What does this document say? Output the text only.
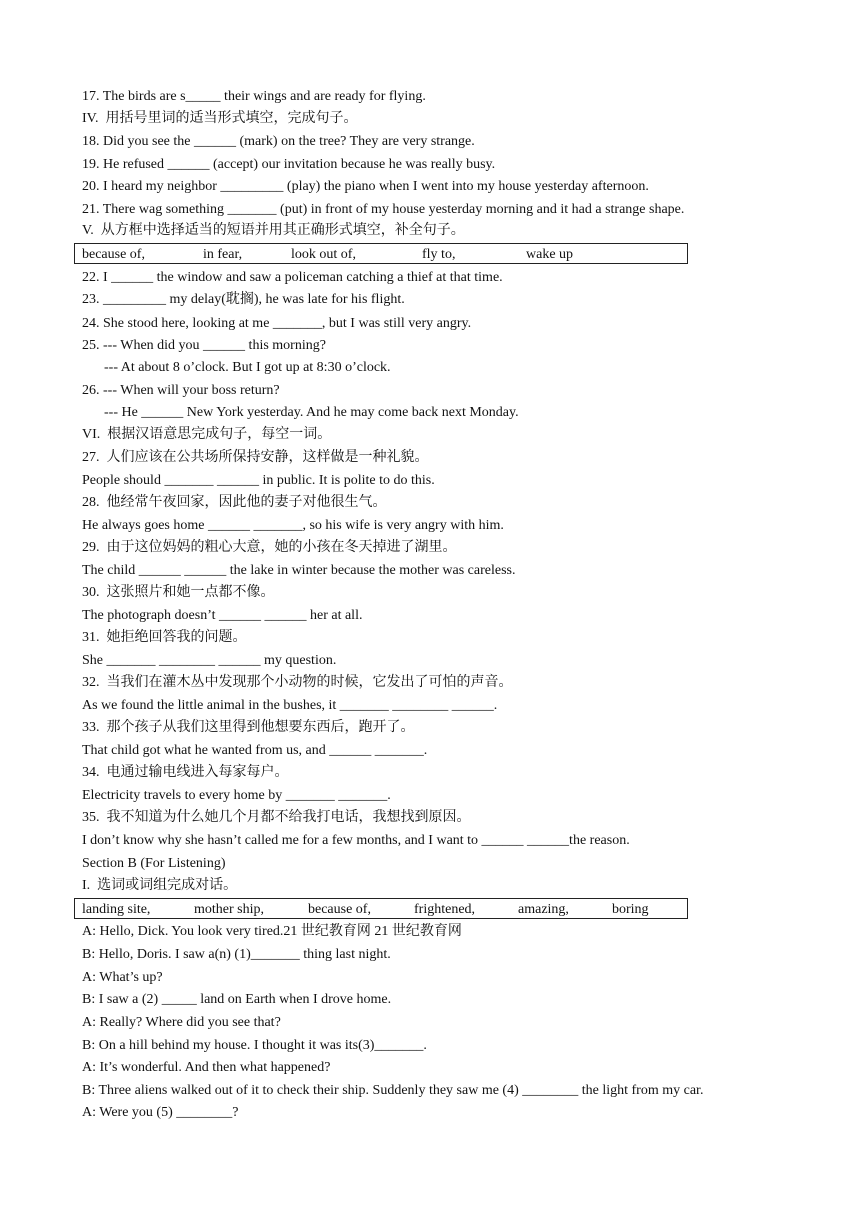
17. The birds are s_____ their wings and are ready for flying.
IV.  用括号里词的适当形式填空，完成句子。
18. Did you see the ______ (mark) on the tree? They are very strange.
19. He refused ______ (accept) our invitation because he was really busy.
20. I heard my neighbor _________ (play) the piano when I went into my house yesterday afternoon.
21. There wag something _______ (put) in front of my house yesterday morning and it had a strange shape.
V.  从方框中选择适当的短语并用其正确形式填空，补全句子。
because of,	in fear,	look out of,	fly to,	wake up
22. I ______ the window and saw a policeman catching a thief at that time.
23. _________ my delay(耽搁), he was late for his flight.
24. She stood here, looking at me _______, but I was still very angry.
25. --- When did you ______ this morning?
--- At about 8 o’clock. But I got up at 8:30 o’clock.
26. --- When will your boss return?
--- He ______ New York yesterday. And he may come back next Monday.
VI.  根据汉语意思完成句子，每空一词。
27.  人们应该在公共场所保持安静，这样做是一种礼貌。
People should _______ ______ in public. It is polite to do this.
28.  他经常午夜回家，因此他的妻子对他很生气。
He always goes home ______ _______, so his wife is very angry with him.
29.  由于这位妈妈的粗心大意，她的小孩在冬天掉进了湖里。
The child ______ ______ the lake in winter because the mother was careless.
30.  这张照片和她一点都不像。
The photograph doesn’t ______ ______ her at all.
31.  她拒绝回答我的问题。
She _______ ________ ______ my question.
32.  当我们在灌木丛中发现那个小动物的时候，它发出了可怕的声音。
As we found the little animal in the bushes, it _______ ________ ______.
33.  那个孩子从我们这里得到他想要东西后，跑开了。
That child got what he wanted from us, and ______ _______.
34.  电通过输电线进入每家每户。
Electricity travels to every home by _______ _______.
35.  我不知道为什么她几个月都不给我打电话，我想找到原因。
I don’t know why she hasn’t called me for a few months, and I want to ______ ______the reason.
Section B (For Listening)
I.  选词或词组完成对话。
landing site,	mother ship,	because of,	frightened,	amazing,	boring
A: Hello, Dick. You look very tired.21 世纪教育网 21 世纪教育网
B: Hello, Doris. I saw a(n) (1)_______ thing last night.
A: What’s up?
B: I saw a (2) _____ land on Earth when I drove home.
A: Really? Where did you see that?
B: On a hill behind my house. I thought it was its(3)_______.
A: It’s wonderful. And then what happened?
B: Three aliens walked out of it to check their ship. Suddenly they saw me (4) ________ the light from my car.
A: Were you (5) ________?
